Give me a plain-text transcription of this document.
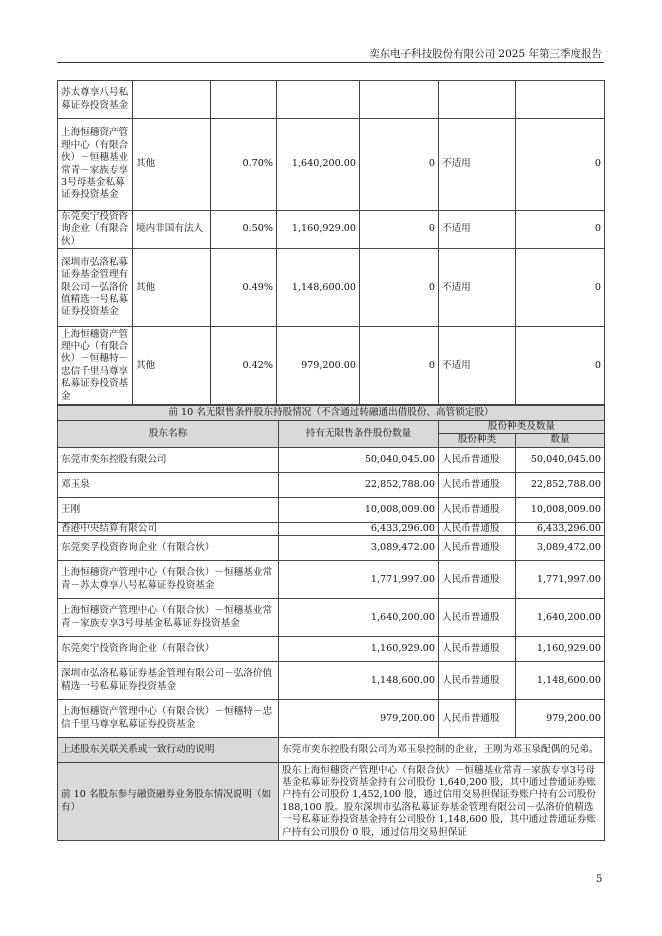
奕东电子科技股份有限公司 2025 年第三季度报告
苏太尊享八号私募证券投资基金						
上海恒穗资产管理中心（有限合伙）－恒穗基业常青－家族专享3号母基金私募证券投资基金	其他	0.70%	1,640,200.00	0	不适用	0
东莞奕宁投资咨询企业（有限合伙）	境内非国有法人	0.50%	1,160,929.00	0	不适用	0
深圳市弘洛私募证券基金管理有限公司－弘洛价值精选一号私募证券投资基金	其他	0.49%	1,148,600.00	0	不适用	0
上海恒穗资产管理中心（有限合伙）－恒穗特－忠信千里马尊享私募证券投资基金	其他	0.42%	979,200.00	0	不适用	0
前 10 名无限售条件股东持股情况（不含通过转融通出借股份、高管锁定股）			
股东名称	持有无限售条件股份数量	股份种类及数量	
		股份种类	数量
东莞市奕东控股有限公司	50,040,045.00	人民币普通股	50,040,045.00
邓玉泉	22,852,788.00	人民币普通股	22,852,788.00
王刚	10,008,009.00	人民币普通股	10,008,009.00
香港中央结算有限公司	6,433,296.00	人民币普通股	6,433,296.00
东莞奕孚投资咨询企业（有限合伙）	3,089,472.00	人民币普通股	3,089,472.00
上海恒穗资产管理中心（有限合伙）－恒穗基业常青－苏太尊享八号私募证券投资基金	1,771,997.00	人民币普通股	1,771,997.00
上海恒穗资产管理中心（有限合伙）－恒穗基业常青－家族专享3号母基金私募证券投资基金	1,640,200.00	人民币普通股	1,640,200.00
东莞奕宁投资咨询企业（有限合伙）	1,160,929.00	人民币普通股	1,160,929.00
深圳市弘洛私募证券基金管理有限公司－弘洛价值精选一号私募证券投资基金	1,148,600.00	人民币普通股	1,148,600.00
上海恒穗资产管理中心（有限合伙）－恒穗特－忠信千里马尊享私募证券投资基金	979,200.00	人民币普通股	979,200.00
上述股东关联关系或一致行动的说明	东莞市奕东控股有限公司为邓玉泉控制的企业，王刚为邓玉泉配偶的兄弟。		
前 10 名股东参与融资融券业务股东情况说明（如有）	股东上海恒穗资产管理中心（有限合伙）－恒穗基业常青－家族专享3号母基金私募证券投资基金持有公司股份 1,640,200 股，其中通过普通证券账户持有公司股份 1,452,100 股，通过信用交易担保证券账户持有公司股份 188,100 股。股东深圳市弘洛私募证券基金管理有限公司－弘洛价值精选一号私募证券投资基金持有公司股份 1,148,600 股，其中通过普通证券账户持有公司股份 0 股，通过信用交易担保证		
5
